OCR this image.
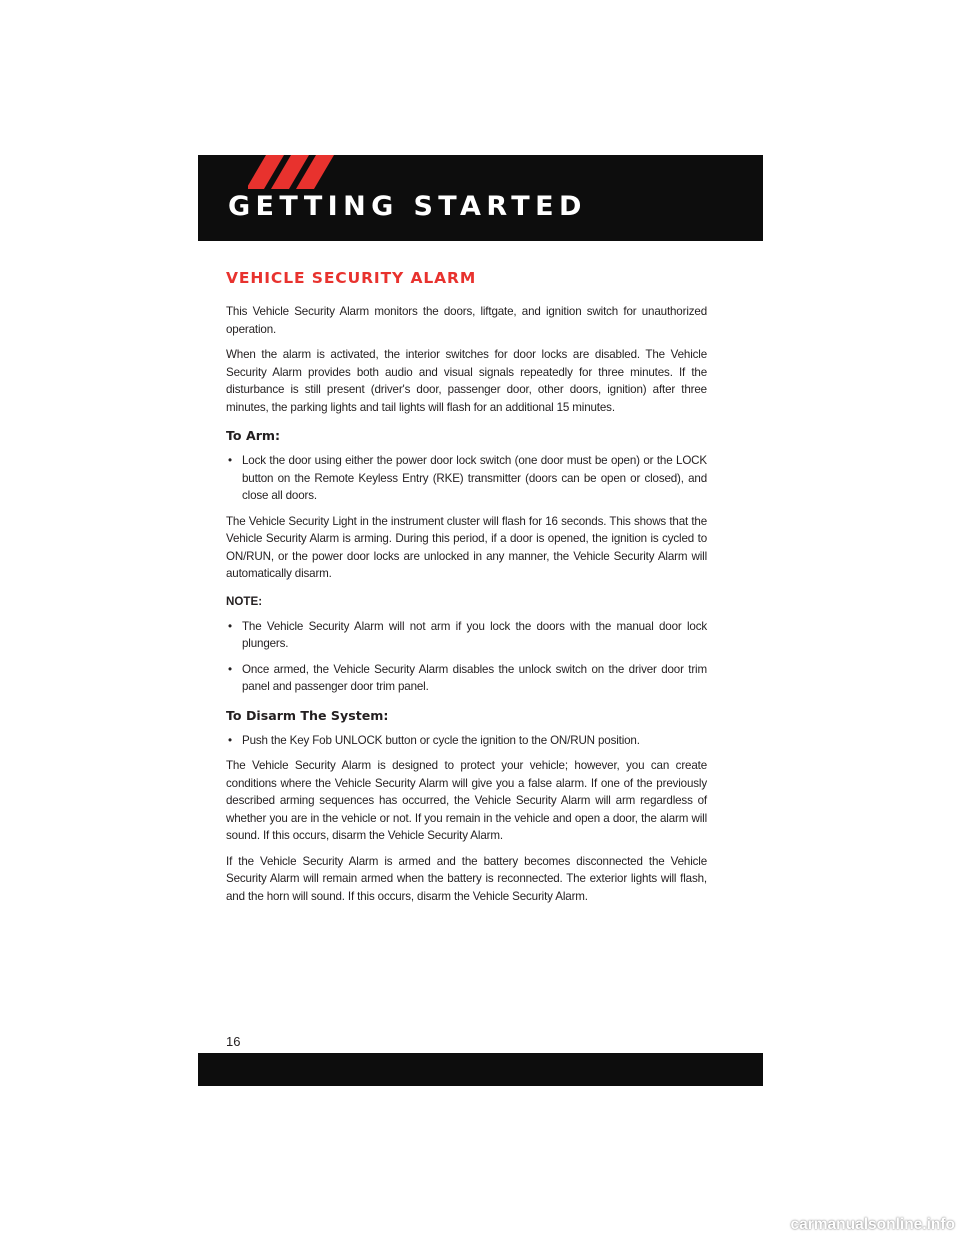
GETTING STARTED
VEHICLE SECURITY ALARM

This Vehicle Security Alarm monitors the doors, liftgate, and ignition switch for unauthorized operation.

When the alarm is activated, the interior switches for door locks are disabled. The Vehicle Security Alarm provides both audio and visual signals repeatedly for three minutes. If the disturbance is still present (driver's door, passenger door, other doors, ignition) after three minutes, the parking lights and tail lights will flash for an additional 15 minutes.

To Arm:
• Lock the door using either the power door lock switch (one door must be open) or the LOCK button on the Remote Keyless Entry (RKE) transmitter (doors can be open or closed), and close all doors.

The Vehicle Security Light in the instrument cluster will flash for 16 seconds. This shows that the Vehicle Security Alarm is arming. During this period, if a door is opened, the ignition is cycled to ON/RUN, or the power door locks are unlocked in any manner, the Vehicle Security Alarm will automatically disarm.

NOTE:
• The Vehicle Security Alarm will not arm if you lock the doors with the manual door lock plungers.
• Once armed, the Vehicle Security Alarm disables the unlock switch on the driver door trim panel and passenger door trim panel.
To Disarm The System:
• Push the Key Fob UNLOCK button or cycle the ignition to the ON/RUN position.

The Vehicle Security Alarm is designed to protect your vehicle; however, you can create conditions where the Vehicle Security Alarm will give you a false alarm. If one of the previously described arming sequences has occurred, the Vehicle Security Alarm will arm regardless of whether you are in the vehicle or not. If you remain in the vehicle and open a door, the alarm will sound. If this occurs, disarm the Vehicle Security Alarm.

If the Vehicle Security Alarm is armed and the battery becomes disconnected the Vehicle Security Alarm will remain armed when the battery is reconnected. The exterior lights will flash, and the horn will sound. If this occurs, disarm the Vehicle Security Alarm.

16
carmanualsonline.info
